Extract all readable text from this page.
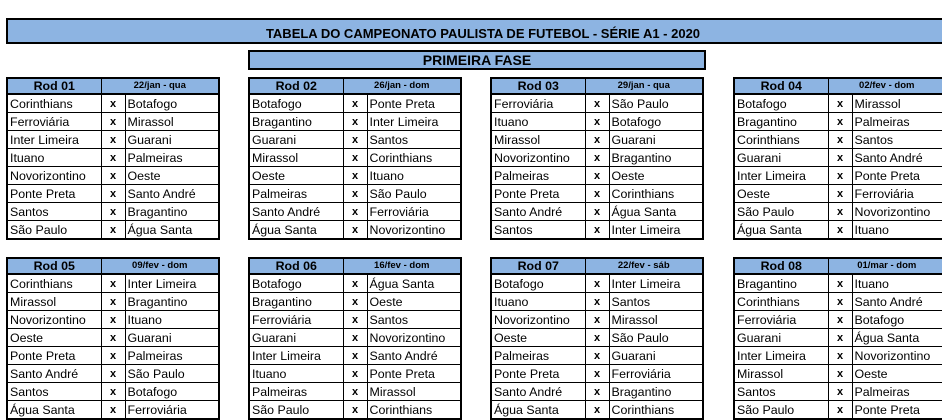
TABELA DO CAMPEONATO PAULISTA DE FUTEBOL - SÉRIE A1 - 2020
PRIMEIRA FASE
Rod 01	22/jan - qua	
Corinthians	x	Botafogo
Ferroviária	x	Mirassol
Inter Limeira	x	Guarani
Ituano	x	Palmeiras
Novorizontino	x	Oeste
Ponte Preta	x	Santo André
Santos	x	Bragantino
São Paulo	x	Água Santa
Rod 02	26/jan - dom	
Botafogo	x	Ponte Preta
Bragantino	x	Inter Limeira
Guarani	x	Santos
Mirassol	x	Corinthians
Oeste	x	Ituano
Palmeiras	x	São Paulo
Santo André	x	Ferroviária
Água Santa	x	Novorizontino
Rod 03	29/jan - qua	
Ferroviária	x	São Paulo
Ituano	x	Botafogo
Mirassol	x	Guarani
Novorizontino	x	Bragantino
Palmeiras	x	Oeste
Ponte Preta	x	Corinthians
Santo André	x	Água Santa
Santos	x	Inter Limeira
Rod 04	02/fev - dom	
Botafogo	x	Mirassol
Bragantino	x	Palmeiras
Corinthians	x	Santos
Guarani	x	Santo André
Inter Limeira	x	Ponte Preta
Oeste	x	Ferroviária
São Paulo	x	Novorizontino
Água Santa	x	Ituano
Rod 05	09/fev - dom	
Corinthians	x	Inter Limeira
Mirassol	x	Bragantino
Novorizontino	x	Ituano
Oeste	x	Guarani
Ponte Preta	x	Palmeiras
Santo André	x	São Paulo
Santos	x	Botafogo
Água Santa	x	Ferroviária
Rod 06	16/fev - dom	
Botafogo	x	Água Santa
Bragantino	x	Oeste
Ferroviária	x	Santos
Guarani	x	Novorizontino
Inter Limeira	x	Santo André
Ituano	x	Ponte Preta
Palmeiras	x	Mirassol
São Paulo	x	Corinthians
Rod 07	22/fev - sáb	
Botafogo	x	Inter Limeira
Ituano	x	Santos
Novorizontino	x	Mirassol
Oeste	x	São Paulo
Palmeiras	x	Guarani
Ponte Preta	x	Ferroviária
Santo André	x	Bragantino
Água Santa	x	Corinthians
Rod 08	01/mar - dom	
Bragantino	x	Ituano
Corinthians	x	Santo André
Ferroviária	x	Botafogo
Guarani	x	Água Santa
Inter Limeira	x	Novorizontino
Mirassol	x	Oeste
Santos	x	Palmeiras
São Paulo	x	Ponte Preta
